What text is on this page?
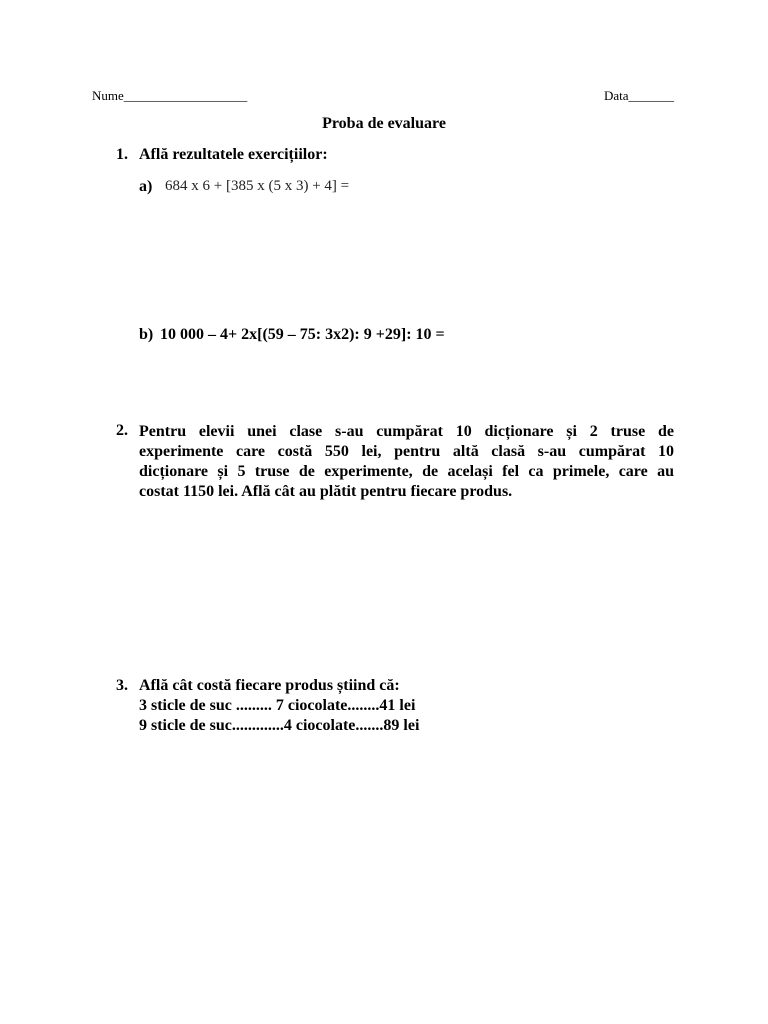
Nume___________________	Data_______
Proba de evaluare
1. Află rezultatele exercițiilor:
a) 684 x 6 + [385 x (5 x 3) + 4] =
b) 10 000 – 4+ 2x[(59 – 75: 3x2): 9 +29]: 10 =
2. Pentru elevii unei clase s-au cumpărat 10 dicționare și 2 truse de
experimente care costă 550 lei, pentru altă clasă s-au cumpărat 10
dicționare și 5 truse de experimente, de același fel ca primele, care au
costat 1150 lei. Află cât au plătit pentru fiecare produs.
3. Află cât costă fiecare produs știind că:
3 sticle de suc ......... 7 ciocolate........41 lei
9 sticle de suc.............4 ciocolate.......89 lei
